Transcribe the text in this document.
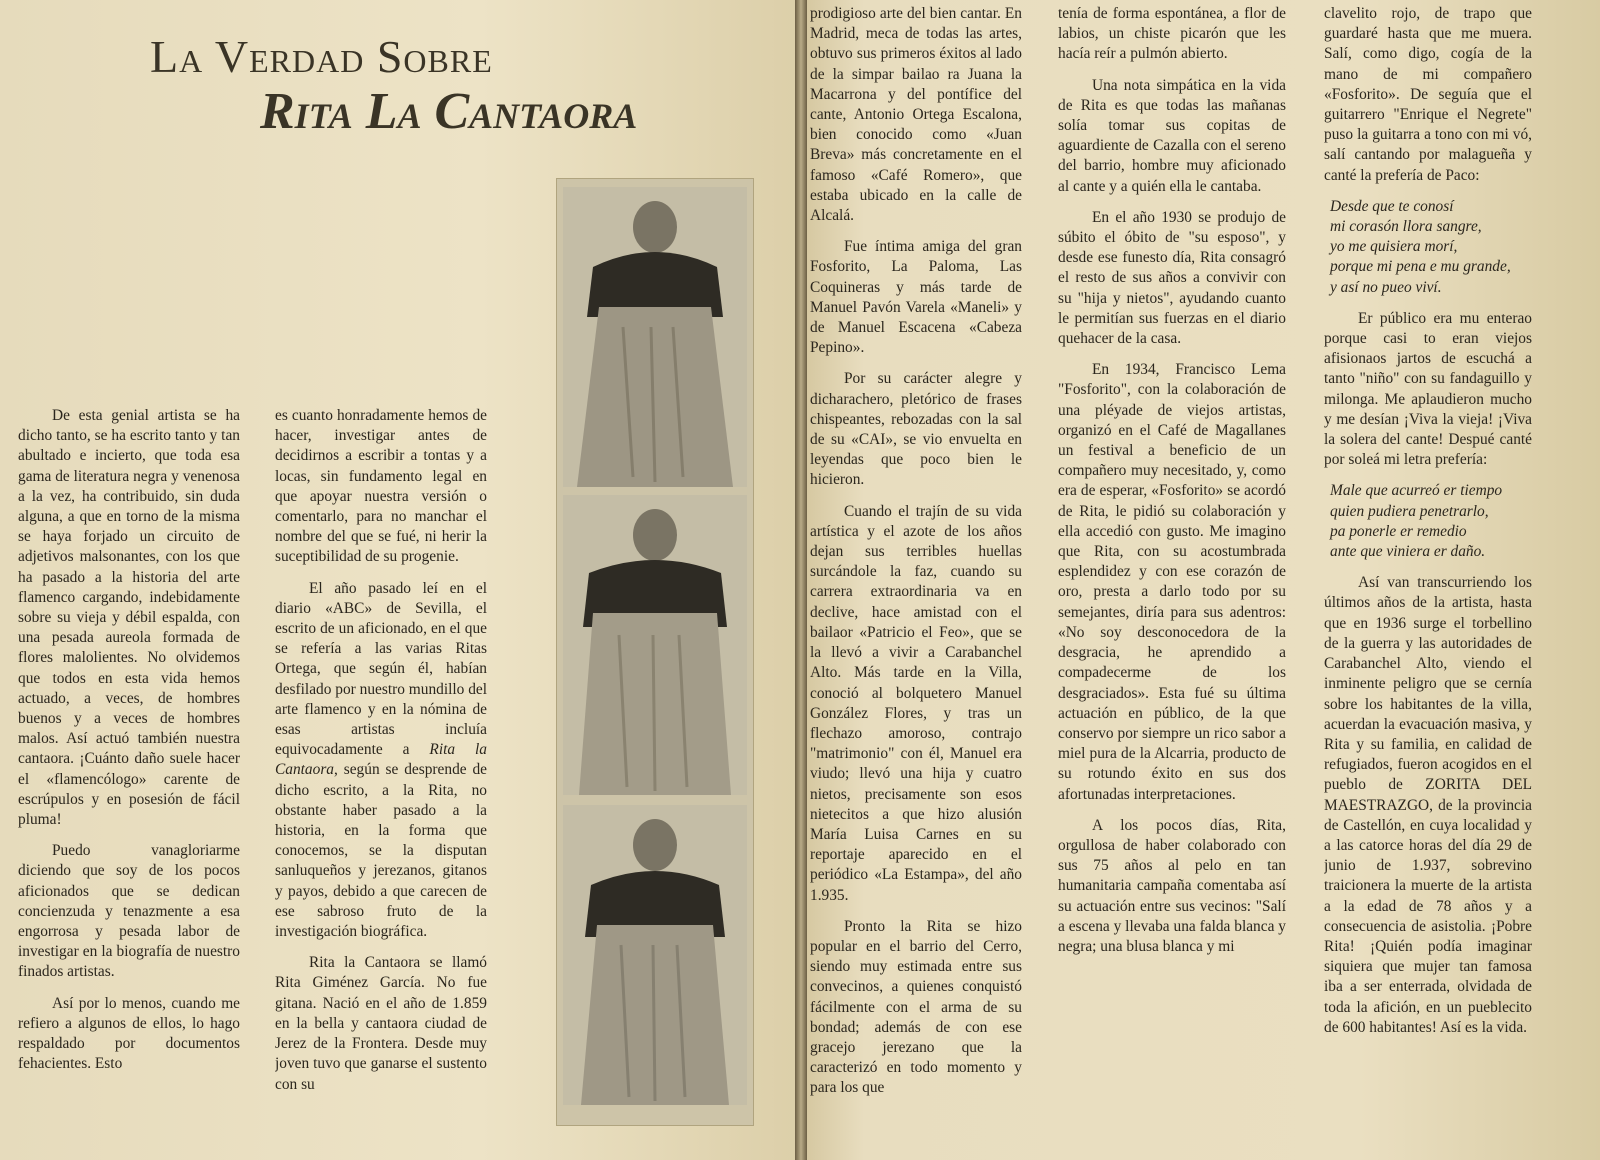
La Verdad Sobre
Rita La Cantaora

De esta genial artista se ha dicho tanto, se ha escrito tanto y tan abultado e incierto, que toda esa gama de literatura negra y venenosa a la vez, ha contribuido, sin duda alguna, a que en torno de la misma se haya forjado un circuito de adjetivos malsonantes, con los que ha pasado a la historia del arte flamenco cargando, indebidamente sobre su vieja y débil espalda, con una pesada aureola formada de flores malolientes. No olvidemos que todos en esta vida hemos actuado, a veces, de hombres buenos y a veces de hombres malos. Así actuó también nuestra cantaora. ¡Cuánto daño suele hacer el «flamencólogo» carente de escrúpulos y en posesión de fácil pluma!

Puedo vanagloriarme diciendo que soy de los pocos aficionados que se dedican concienzuda y tenazmente a esa engorrosa y pesada labor de investigar en la biografía de nuestro finados artistas.

Así por lo menos, cuando me refiero a algunos de ellos, lo hago respaldado por documentos fehacientes. Esto

es cuanto honradamente hemos de hacer, investigar antes de decidirnos a escribir a tontas y a locas, sin fundamento legal en que apoyar nuestra versión o comentarlo, para no manchar el nombre del que se fué, ni herir la suceptibilidad de su progenie.

El año pasado leí en el diario «ABC» de Sevilla, el escrito de un aficionado, en el que se refería a las varias Ritas Ortega, que según él, habían desfilado por nuestro mundillo del arte flamenco y en la nómina de esas artistas incluía equivocadamente a Rita la Cantaora, según se desprende de dicho escrito, a la Rita, no obstante haber pasado a la historia, en la forma que conocemos, se la disputan sanluqueños y jerezanos, gitanos y payos, debido a que carecen de ese sabroso fruto de la investigación biográfica.

Rita la Cantaora se llamó Rita Giménez García. No fue gitana. Nació en el año de 1.859 en la bella y cantaora ciudad de Jerez de la Frontera. Desde muy joven tuvo que ganarse el sustento con su

prodigioso arte del bien cantar. En Madrid, meca de todas las artes, obtuvo sus primeros éxitos al lado de la simpar bailao ra Juana la Macarrona y del pontífice del cante, Antonio Ortega Escalona, bien conocido como «Juan Breva» más concretamente en el famoso «Café Romero», que estaba ubicado en la calle de Alcalá.

Fue íntima amiga del gran Fosforito, La Paloma, Las Coquineras y más tarde de Manuel Pavón Varela «Maneli» y de Manuel Escacena «Cabeza Pepino».

Por su carácter alegre y dicharachero, pletórico de frases chispeantes, rebozadas con la sal de su «CAI», se vio envuelta en leyendas que poco bien le hicieron.

Cuando el trajín de su vida artística y el azote de los años dejan sus terribles huellas surcándole la faz, cuando su carrera extraordinaria va en declive, hace amistad con el bailaor «Patricio el Feo», que se la llevó a vivir a Carabanchel Alto. Más tarde en la Villa, conoció al bolquetero Manuel González Flores, y tras un flechazo amoroso, contrajo "matrimonio" con él, Manuel era viudo; llevó una hija y cuatro nietos, precisamente son esos nietecitos a que hizo alusión María Luisa Carnes en su reportaje aparecido en el periódico «La Estampa», del año 1.935.

Pronto la Rita se hizo popular en el barrio del Cerro, siendo muy estimada entre sus convecinos, a quienes conquistó fácilmente con el arma de su bondad; además de con ese gracejo jerezano que la caracterizó en todo momento y para los que

tenía de forma espontánea, a flor de labios, un chiste picarón que les hacía reír a pulmón abierto.

Una nota simpática en la vida de Rita es que todas las mañanas solía tomar sus copitas de aguardiente de Cazalla con el sereno del barrio, hombre muy aficionado al cante y a quién ella le cantaba.

En el año 1930 se produjo de súbito el óbito de "su esposo", y desde ese funesto día, Rita consagró el resto de sus años a convivir con su "hija y nietos", ayudando cuanto le permitían sus fuerzas en el diario quehacer de la casa.

En 1934, Francisco Lema "Fosforito", con la colaboración de una pléyade de viejos artistas, organizó en el Café de Magallanes un festival a beneficio de un compañero muy necesitado, y, como era de esperar, «Fosforito» se acordó de Rita, le pidió su colaboración y ella accedió con gusto. Me imagino que Rita, con su acostumbrada esplendidez y con ese corazón de oro, presta a darlo todo por su semejantes, diría para sus adentros: «No soy desconocedora de la desgracia, he aprendido a compadecerme de los desgraciados». Esta fué su última actuación en público, de la que conservo por siempre un rico sabor a miel pura de la Alcarria, producto de su rotundo éxito en sus dos afortunadas interpretaciones.

A los pocos días, Rita, orgullosa de haber colaborado con sus 75 años al pelo en tan humanitaria campaña comentaba así su actuación entre sus vecinos: "Salí a escena y llevaba una falda blanca y negra; una blusa blanca y mi

clavelito rojo, de trapo que guardaré hasta que me muera. Salí, como digo, cogía de la mano de mi compañero «Fosforito». De seguía que el guitarrero "Enrique el Negrete" puso la guitarra a tono con mi vó, salí cantando por malagueña y canté la prefería de Paco:

Desde que te conosí
mi corasón llora sangre,
yo me quisiera morí,
porque mi pena e mu grande,
y así no pueo viví.

Er público era mu enterao porque casi to eran viejos afisionaos jartos de escuchá a tanto "niño" con su fandaguillo y milonga. Me aplaudieron mucho y me desían ¡Viva la vieja! ¡Viva la solera del cante! Despué canté por soleá mi letra prefería:

Male que acurreó er tiempo
quien pudiera penetrarlo,
pa ponerle er remedio
ante que viniera er daño.

Así van transcurriendo los últimos años de la artista, hasta que en 1936 surge el torbellino de la guerra y las autoridades de Carabanchel Alto, viendo el inminente peligro que se cernía sobre los habitantes de la villa, acuerdan la evacuación masiva, y Rita y su familia, en calidad de refugiados, fueron acogidos en el pueblo de ZORITA DEL MAESTRAZGO, de la provincia de Castellón, en cuya localidad y a las catorce horas del día 29 de junio de 1.937, sobrevino traicionera la muerte de la artista a la edad de 78 años y a consecuencia de asistolia. ¡Pobre Rita! ¡Quién podía imaginar siquiera que mujer tan famosa iba a ser enterrada, olvidada de toda la afición, en un pueblecito de 600 habitantes! Así es la vida.
